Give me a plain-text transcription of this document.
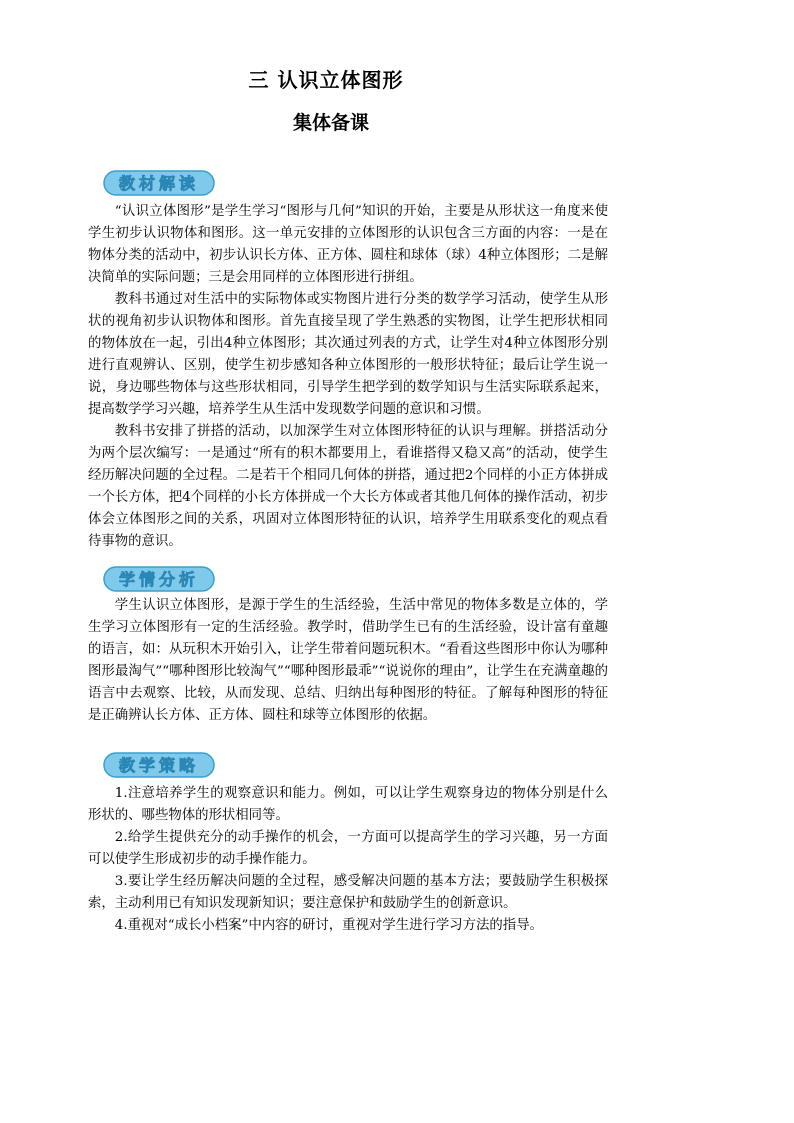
三 认识立体图形
集体备课
教材解读

“认识立体图形”是学生学习“图形与几何”知识的开始，主要是从形状这一角度来使学生初步认识物体和图形。这一单元安排的立体图形的认识包含三方面的内容：一是在物体分类的活动中，初步认识长方体、正方体、圆柱和球体（球）4种立体图形；二是解决简单的实际问题；三是会用同样的立体图形进行拼组。

教科书通过对生活中的实际物体或实物图片进行分类的数学学习活动，使学生从形状的视角初步认识物体和图形。首先直接呈现了学生熟悉的实物图，让学生把形状相同的物体放在一起，引出4种立体图形；其次通过列表的方式，让学生对4种立体图形分别进行直观辨认、区别，使学生初步感知各种立体图形的一般形状特征；最后让学生说一说，身边哪些物体与这些形状相同，引导学生把学到的数学知识与生活实际联系起来，提高数学学习兴趣，培养学生从生活中发现数学问题的意识和习惯。

教科书安排了拼搭的活动，以加深学生对立体图形特征的认识与理解。拼搭活动分为两个层次编写：一是通过“所有的积木都要用上，看谁搭得又稳又高”的活动，使学生经历解决问题的全过程。二是若干个相同几何体的拼搭，通过把2个同样的小正方体拼成一个长方体，把4个同样的小长方体拼成一个大长方体或者其他几何体的操作活动，初步体会立体图形之间的关系，巩固对立体图形特征的认识，培养学生用联系变化的观点看待事物的意识。

学情分析

学生认识立体图形，是源于学生的生活经验，生活中常见的物体多数是立体的，学生学习立体图形有一定的生活经验。教学时，借助学生已有的生活经验，设计富有童趣的语言，如：从玩积木开始引入，让学生带着问题玩积木。“看看这些图形中你认为哪种图形最淘气”“哪种图形比较淘气”“哪种图形最乖”“说说你的理由”，让学生在充满童趣的语言中去观察、比较，从而发现、总结、归纳出每种图形的特征。了解每种图形的特征是正确辨认长方体、正方体、圆柱和球等立体图形的依据。

教学策略

1.注意培养学生的观察意识和能力。例如，可以让学生观察身边的物体分别是什么形状的、哪些物体的形状相同等。

2.给学生提供充分的动手操作的机会，一方面可以提高学生的学习兴趣，另一方面可以使学生形成初步的动手操作能力。

3.要让学生经历解决问题的全过程，感受解决问题的基本方法；要鼓励学生积极探索，主动利用已有知识发现新知识；要注意保护和鼓励学生的创新意识。

4.重视对“成长小档案”中内容的研讨，重视对学生进行学习方法的指导。
